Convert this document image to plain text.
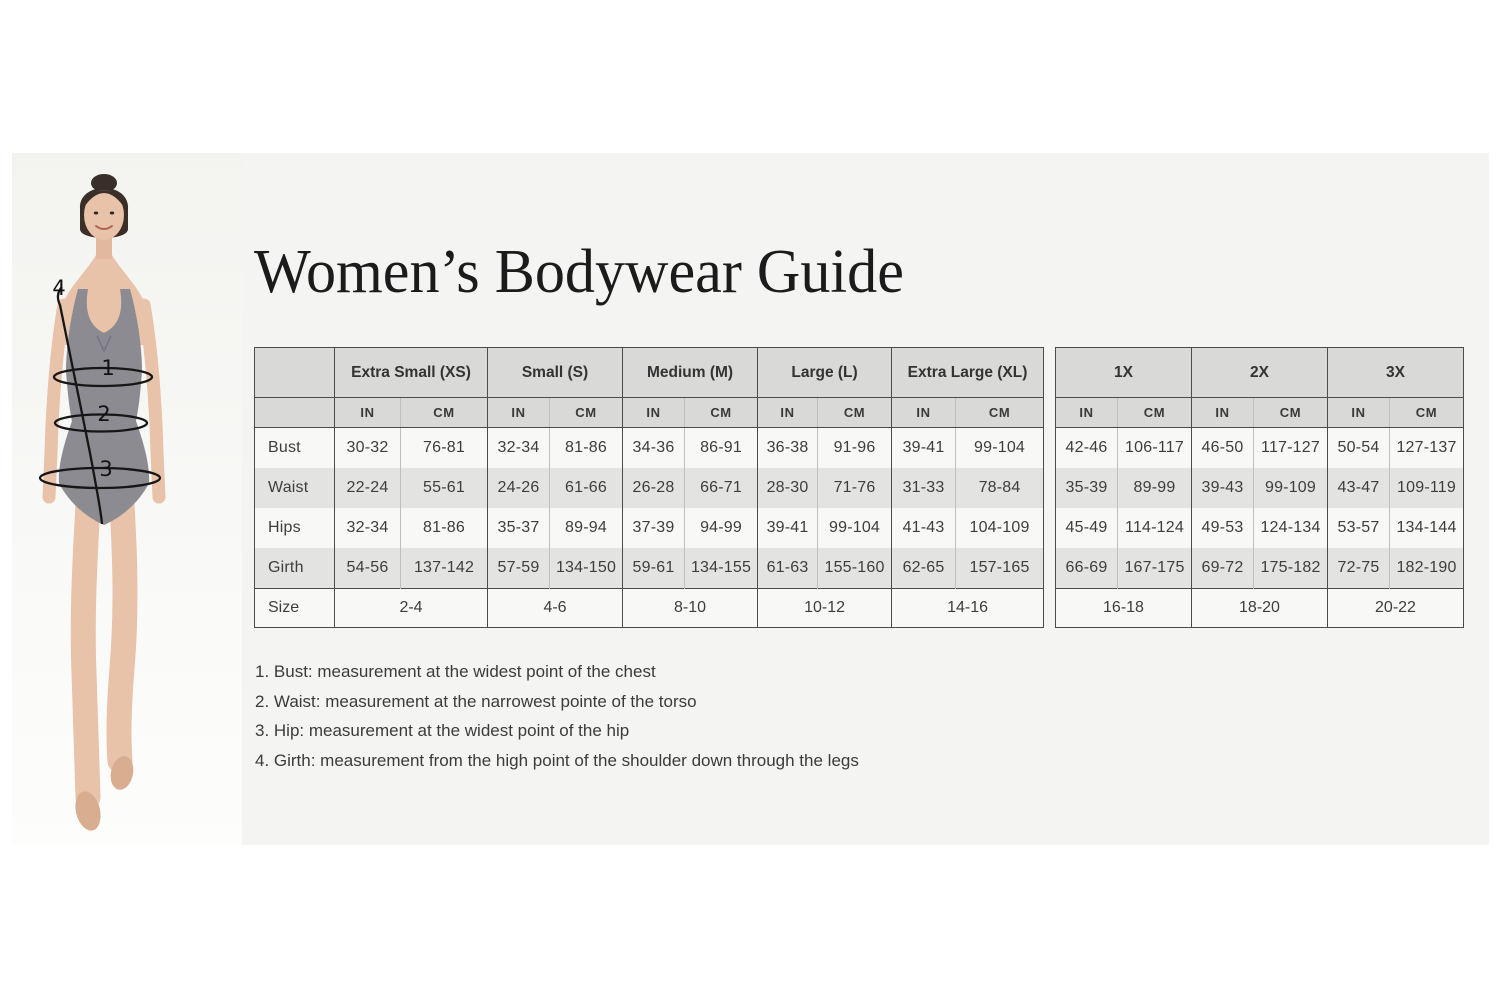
1
2
3
4	Women’s Bodywear Guide
	Extra Small (XS)		Small (S)		Medium (M)		Large (L)		Extra Large (XL)	
	IN	CM	IN	CM	IN	CM	IN	CM	IN	CM
Bust	30-32	76-81	32-34	81-86	34-36	86-91	36-38	91-96	39-41	99-104
Waist	22-24	55-61	24-26	61-66	26-28	66-71	28-30	71-76	31-33	78-84
Hips	32-34	81-86	35-37	89-94	37-39	94-99	39-41	99-104	41-43	104-109
Girth	54-56	137-142	57-59	134-150	59-61	134-155	61-63	155-160	62-65	157-165
Size	2-4		4-6		8-10		10-12		14-16	
1X		2X		3X	
IN	CM	IN	CM	IN	CM
42-46	106-117	46-50	117-127	50-54	127-137
35-39	89-99	39-43	99-109	43-47	109-119
45-49	114-124	49-53	124-134	53-57	134-144
66-69	167-175	69-72	175-182	72-75	182-190
16-18		18-20		20-22	
1. Bust: measurement at the widest point of the chest
2. Waist: measurement at the narrowest pointe of the torso
3. Hip: measurement at the widest point of the hip
4. Girth: measurement from the high point of the shoulder down through the legs
